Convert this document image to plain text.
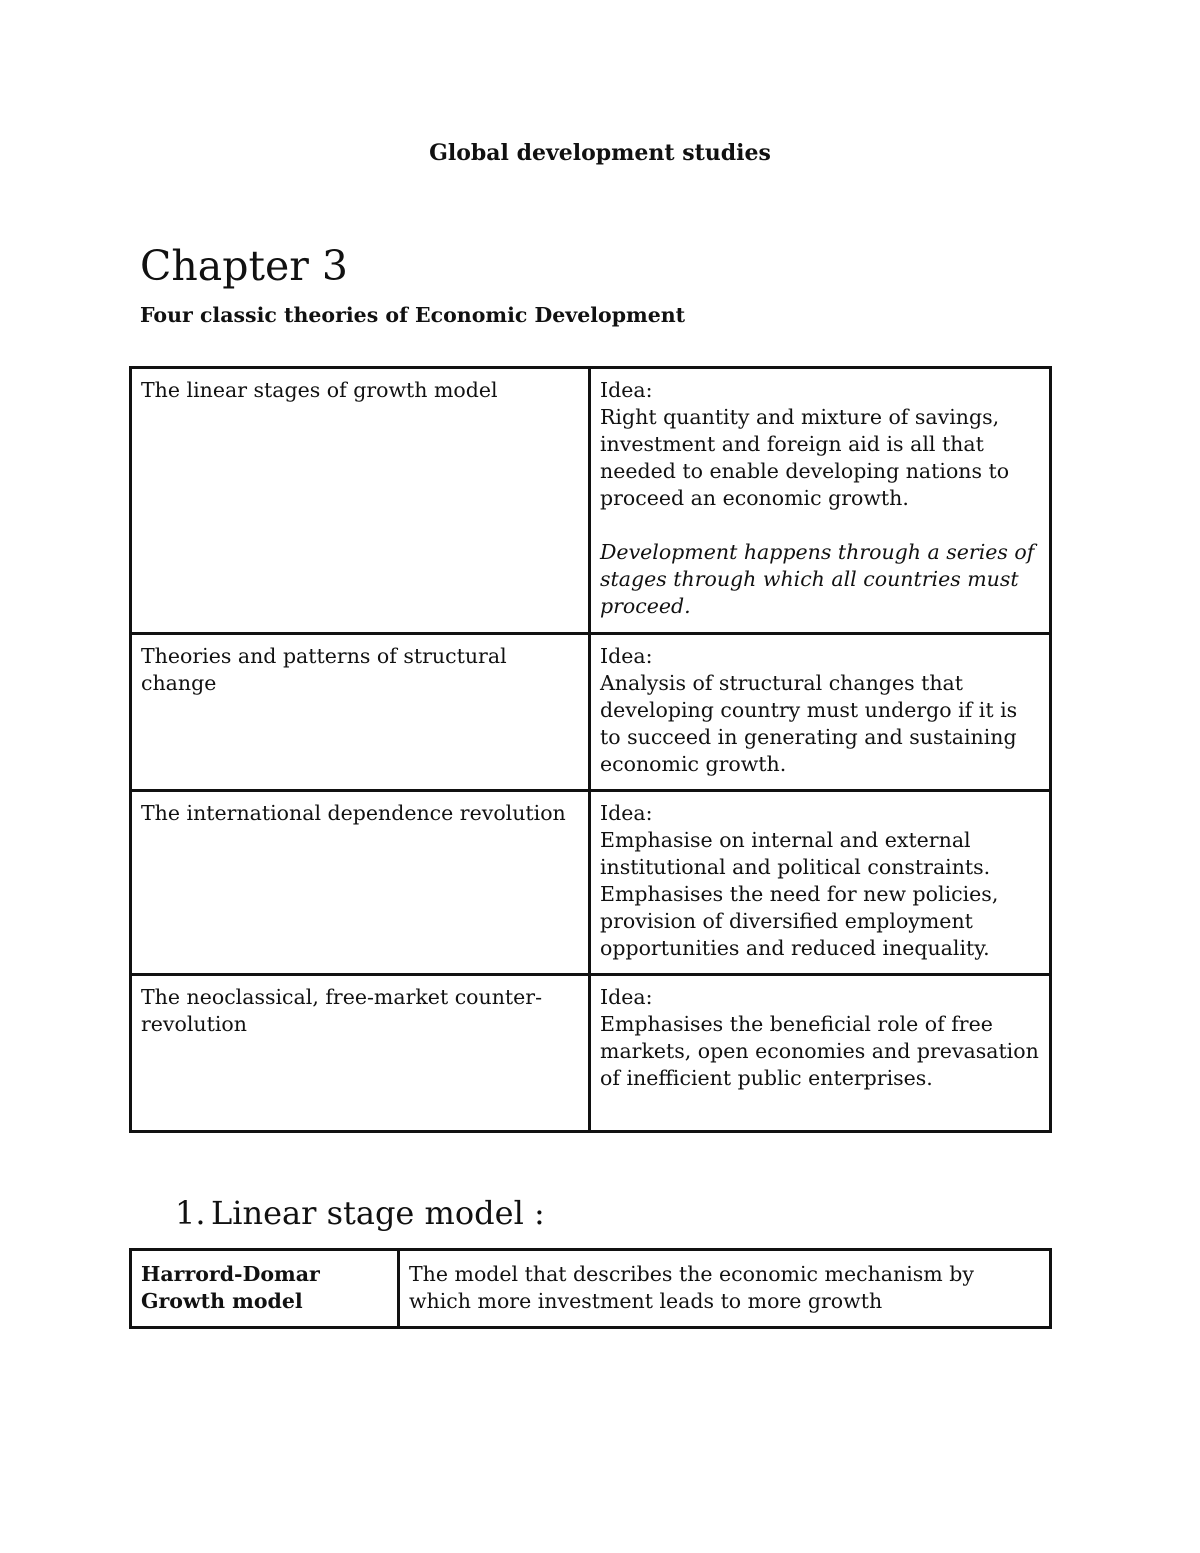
Global development studies
Chapter 3

Four classic theories of Economic Development

The linear stages of growth model	Idea:
Right quantity and mixture of savings, investment and foreign aid is all that needed to enable developing nations to proceed an economic growth.
Development happens through a series of stages through which all countries must proceed.

Theories and patterns of structural change	Idea:
Analysis of structural changes that developing country must undergo if it is to succeed in generating and sustaining economic growth.

The international dependence revolution	Idea:
Emphasise on internal and external institutional and political constraints. Emphasises the need for new policies, provision of diversified employment opportunities and reduced inequality.

The neoclassical, free-market counter-revolution	Idea:
Emphasises the beneficial role of free markets, open economies and prevasation of inefficient public enterprises.
1. Linear stage model :
Harrord-Domar Growth model	The model that describes the economic mechanism by which more investment leads to more growth
